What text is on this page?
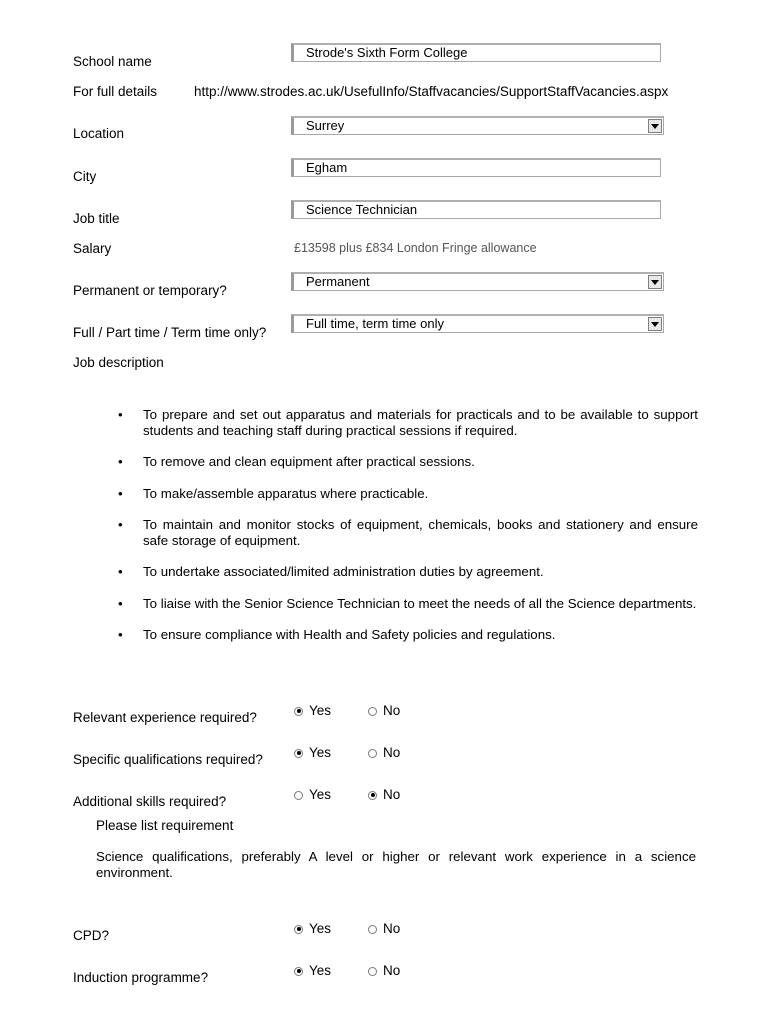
School name
Strode's Sixth Form College
For full details	http://www.strodes.ac.uk/UsefulInfo/Staffvacancies/SupportStaffVacancies.aspx
Location
Surrey
City
Egham
Job title
Science Technician
Salary	£13598 plus £834 London Fringe allowance
Permanent or temporary?
Permanent
Full / Part time / Term time only?
Full time, term time only
Job description
• To prepare and set out apparatus and materials for practicals and to be available to support students and teaching staff during practical sessions if required.
• To remove and clean equipment after practical sessions.
• To make/assemble apparatus where practicable.
• To maintain and monitor stocks of equipment, chemicals, books and stationery and ensure safe storage of equipment.
• To undertake associated/limited administration duties by agreement.
• To liaise with the Senior Science Technician to meet the needs of all the Science departments.
• To ensure compliance with Health and Safety policies and regulations.
Relevant experience required?	Yes	No
Specific qualifications required?	Yes	No
Additional skills required?	Yes	No
Please list requirement
Science qualifications, preferably A level or higher or relevant work experience in a science environment.
CPD?	Yes	No
Induction programme?	Yes	No
